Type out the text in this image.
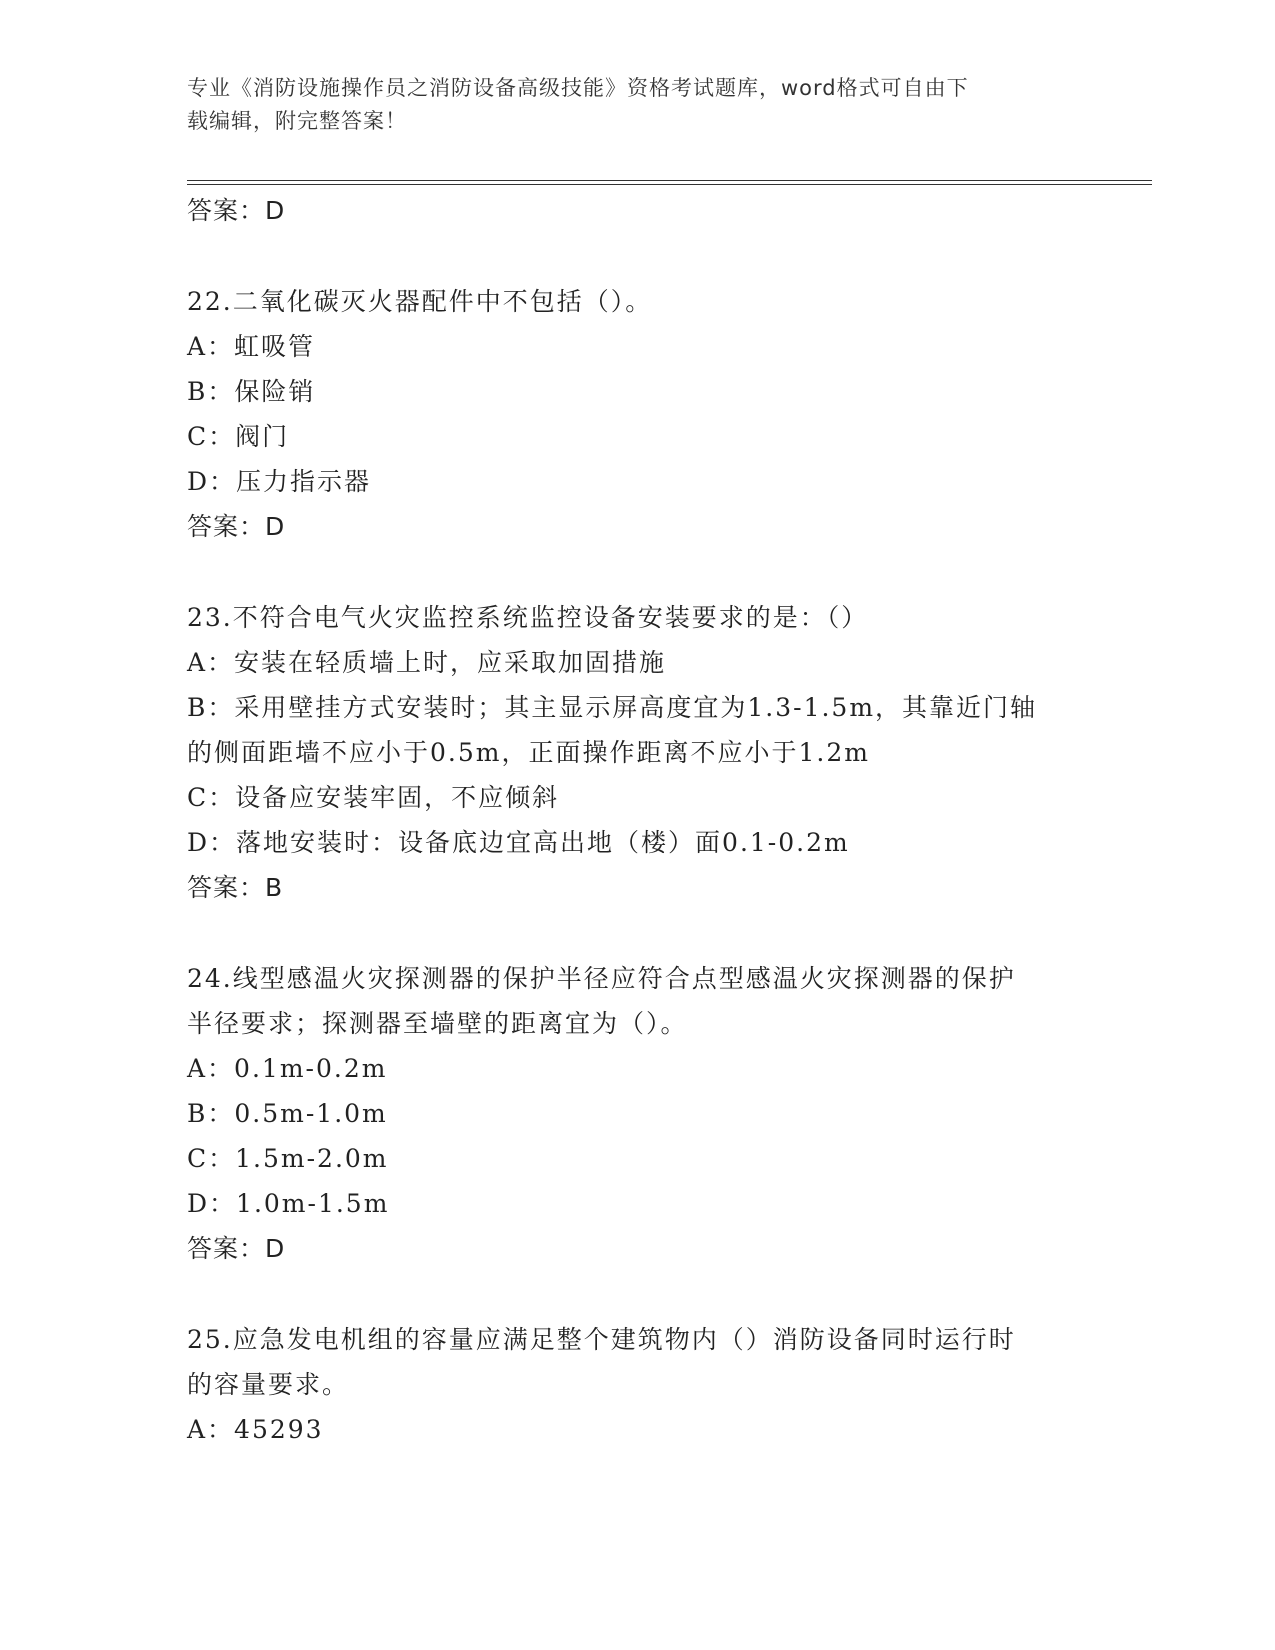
专业《消防设施操作员之消防设备高级技能》资格考试题库，word格式可自由下
载编辑，附完整答案！
答案：D
22.二氧化碳灭火器配件中不包括（）。
A：虹吸管
B：保险销
C：阀门
D：压力指示器
答案：D
23.不符合电气火灾监控系统监控设备安装要求的是：（）
A：安装在轻质墙上时，应采取加固措施
B：采用壁挂方式安装时；其主显示屏高度宜为1.3-1.5m，其靠近门轴
的侧面距墙不应小于0.5m，正面操作距离不应小于1.2m
C：设备应安装牢固，不应倾斜
D：落地安装时：设备底边宜高出地（楼）面0.1-0.2m
答案：B
24.线型感温火灾探测器的保护半径应符合点型感温火灾探测器的保护
半径要求；探测器至墙壁的距离宜为（）。
A：0.1m-0.2m
B：0.5m-1.0m
C：1.5m-2.0m
D：1.0m-1.5m
答案：D
25.应急发电机组的容量应满足整个建筑物内（）消防设备同时运行时
的容量要求。
A：45293
